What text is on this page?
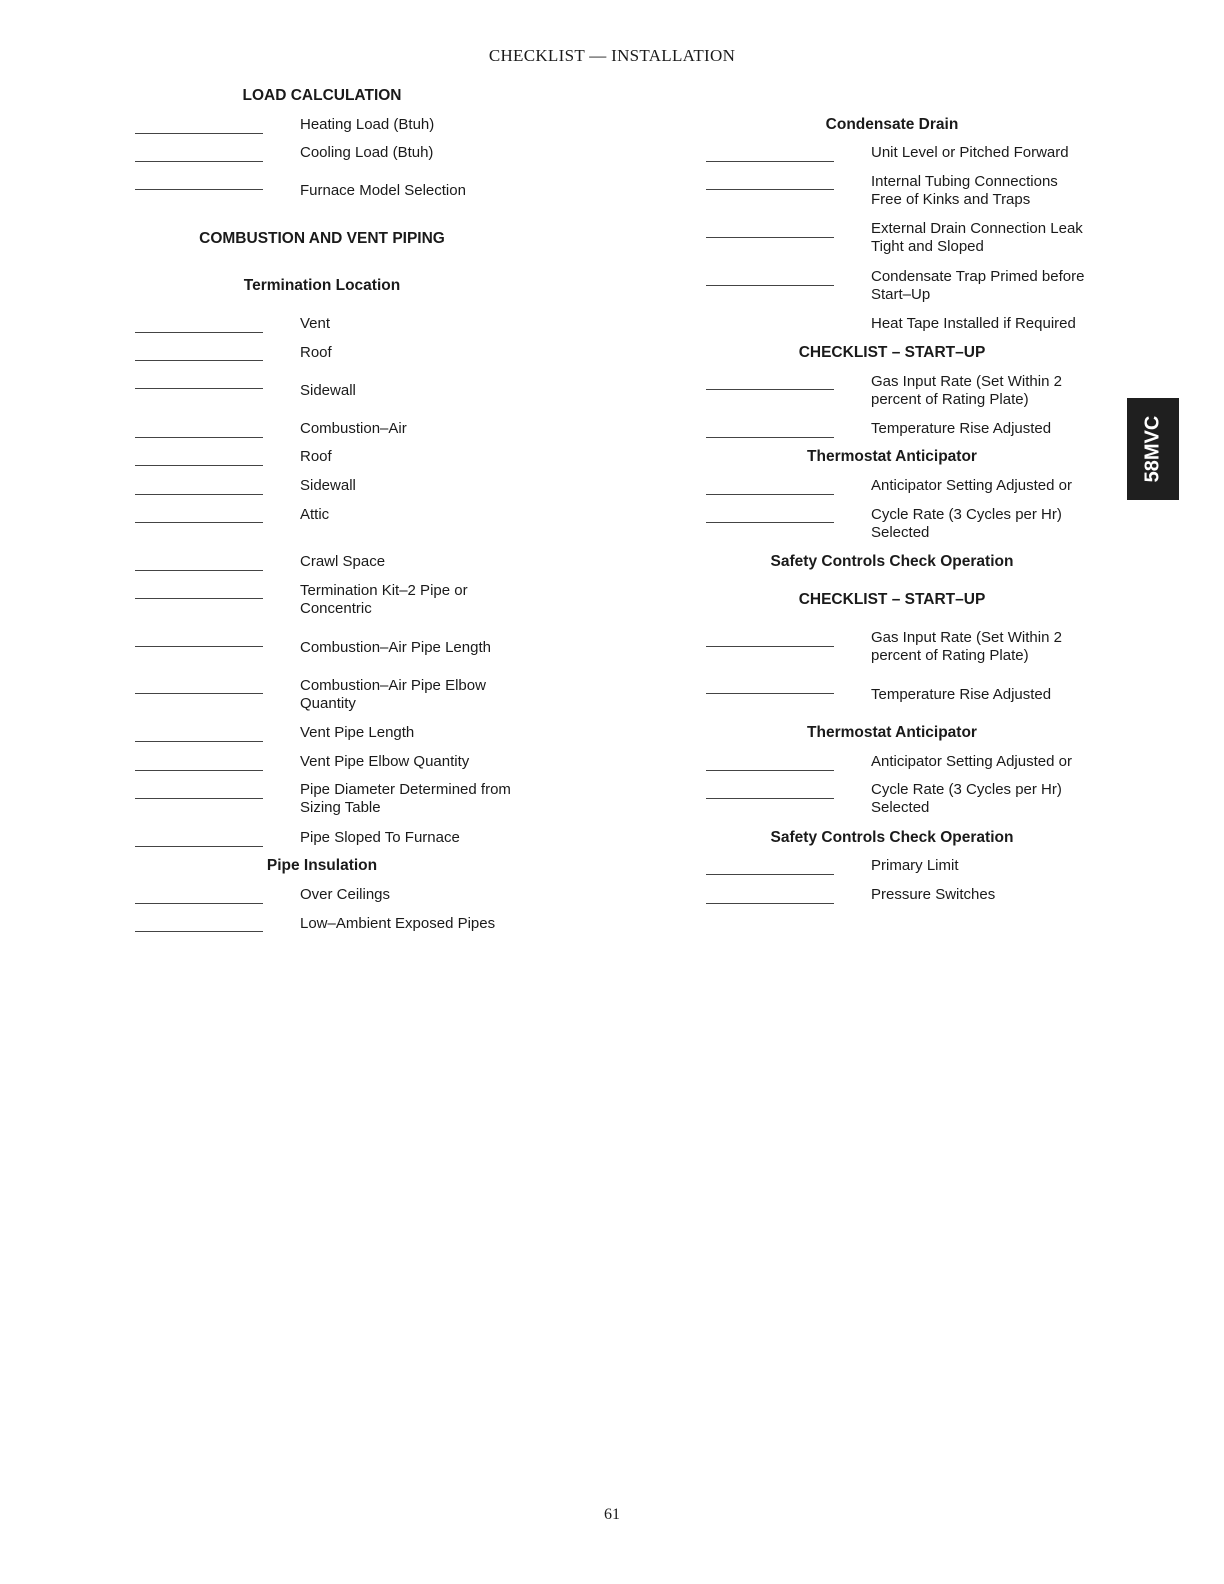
CHECKLIST — INSTALLATION
LOAD CALCULATION
Heating Load (Btuh)
Cooling Load (Btuh)
Furnace Model Selection
COMBUSTION AND VENT PIPING
Termination Location
Vent
Roof
Sidewall
Combustion–Air
Roof
Sidewall
Attic
Crawl Space
Termination Kit–2 Pipe or Concentric
Combustion–Air Pipe Length
Combustion–Air Pipe Elbow Quantity
Vent Pipe Length
Vent Pipe Elbow Quantity
Pipe Diameter Determined from Sizing Table
Pipe Sloped To Furnace
Pipe Insulation
Over Ceilings
Low–Ambient Exposed Pipes
Condensate Drain
Unit Level or Pitched Forward
Internal Tubing Connections Free of Kinks and Traps
External Drain Connection Leak Tight and Sloped
Condensate Trap Primed before Start–Up
Heat Tape Installed if Required
CHECKLIST – START–UP
Gas Input Rate (Set Within 2 percent of Rating Plate)
Temperature Rise Adjusted
Thermostat Anticipator
Anticipator Setting Adjusted or
Cycle Rate (3 Cycles per Hr) Selected
Safety Controls Check Operation
CHECKLIST – START–UP
Gas Input Rate (Set Within 2 percent of Rating Plate)
Temperature Rise Adjusted
Thermostat Anticipator
Anticipator Setting Adjusted or
Cycle Rate (3 Cycles per Hr) Selected
Safety Controls Check Operation
Primary Limit
Pressure Switches
58MVC
61
